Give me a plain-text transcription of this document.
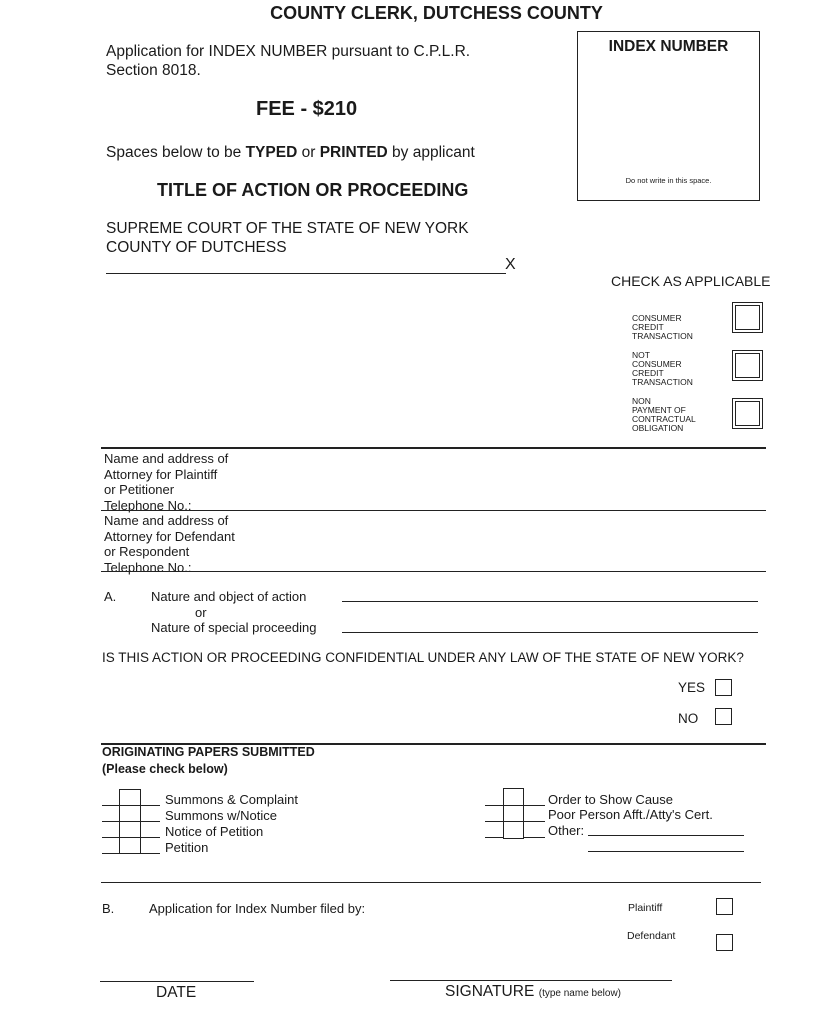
COUNTY CLERK, DUTCHESS COUNTY
Application for INDEX NUMBER pursuant to C.P.L.R.
Section 8018.
FEE - $210
Spaces below to be TYPED or PRINTED by applicant
TITLE OF ACTION OR PROCEEDING
SUPREME COURT OF THE STATE OF NEW YORK
COUNTY OF DUTCHESS
X
INDEX NUMBER
Do not write in this space.
CHECK AS APPLICABLE
CONSUMER
CREDIT
TRANSACTION
NOT
CONSUMER
CREDIT
TRANSACTION
NON
PAYMENT OF
CONTRACTUAL
OBLIGATION
Name and address of
Attorney for Plaintiff
or Petitioner
Telephone No.:
Name and address of
Attorney for Defendant
or Respondent
Telephone No.:
A.	Nature and object of action
or
Nature of special proceeding
IS THIS ACTION OR PROCEEDING CONFIDENTIAL UNDER ANY LAW OF THE STATE OF NEW YORK?
YES
NO
ORIGINATING PAPERS SUBMITTED
(Please check below)
Summons & Complaint
Summons w/Notice
Notice of Petition
Petition
Order to Show Cause
Poor Person Afft./Atty's Cert.
Other:
B.	Application for Index Number filed by:	Plaintiff
Defendant
DATE	SIGNATURE (type name below)
